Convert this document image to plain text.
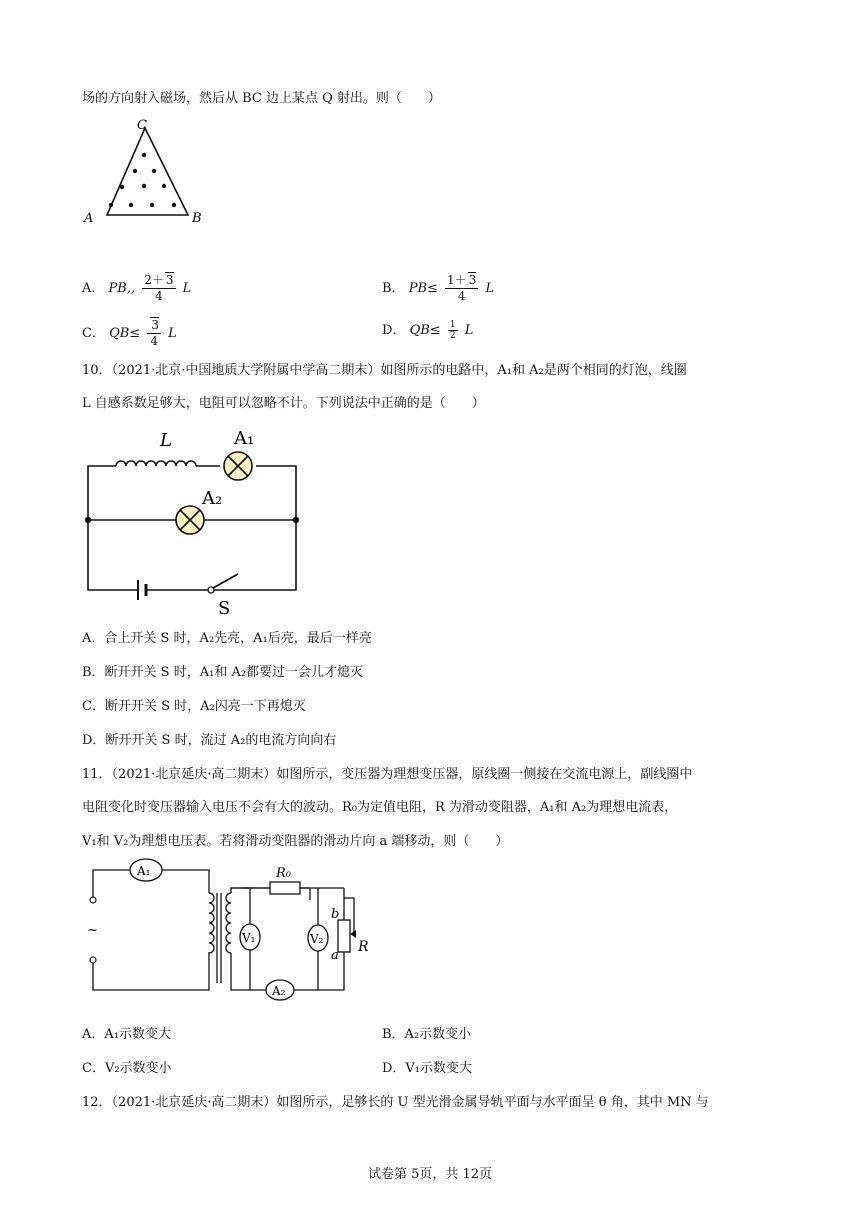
场的方向射入磁场，然后从 BC 边上某点 Q 射出。则（　　）
C
A	B
A． PB,, $\frac{2+ 3}{4}$ L	B． $PB\le \frac{1+ 3}{4}$ L
C． $QB\le \frac{3}{4}$ L	D． $QB\le \frac{1}{2}$ L
10．（2021·北京·中国地质大学附属中学高二期末）如图所示的电路中，A₁和 A₂是两个相同的灯泡，线圈
L 自感系数足够大，电阻可以忽略不计。下列说法中正确的是（　　）
L	A₁
A₂
S
A．合上开关 S 时，A₂先亮，A₁后亮，最后一样亮
B．断开开关 S 时，A₁和 A₂都要过一会儿才熄灭
C．断开开关 S 时，A₂闪亮一下再熄灭
D．断开开关 S 时，流过 A₂的电流方向向右
11．（2021·北京延庆·高二期末）如图所示，变压器为理想变压器，原线圈一侧接在交流电源上，副线圈中
电阻变化时变压器输入电压不会有大的波动。R₀为定值电阻，R 为滑动变阻器，A₁和 A₂为理想电流表，
V₁和 V₂为理想电压表。若将滑动变阻器的滑动片向 a 端移动，则（　　）
A₁
A₂
V₁	V₂
R₀
R
b
a
~
A．A₁示数变大	B．A₂示数变小
C．V₂示数变小	D．V₁示数变大
12．（2021·北京延庆·高二期末）如图所示，足够长的 U 型光滑金属导轨平面与水平面呈 θ 角，其中 MN 与
试卷第 5页，共 12页
